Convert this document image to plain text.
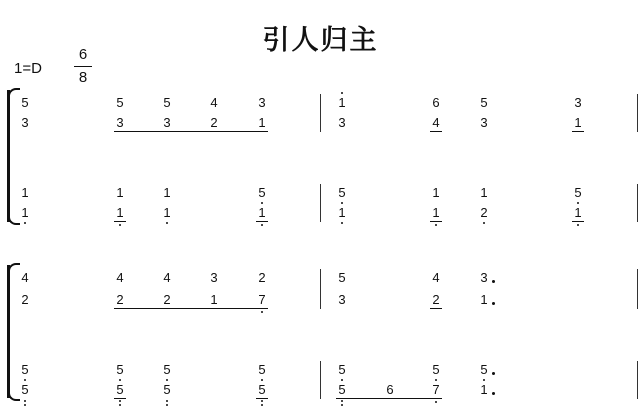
引人归主
1=D
6
8
5	5	5	4	3	1	6	5	3
3	3	3	2	1	3	4	3	1
1	1	1	5	5	1	1	5
1	1	1	1	1	1	2	1
4	4	4	3	2	5	4	3
2	2	2	1	7	3	2	1
5	5	5	5	5	5	5
5	5	5	5	5	6	7	1
